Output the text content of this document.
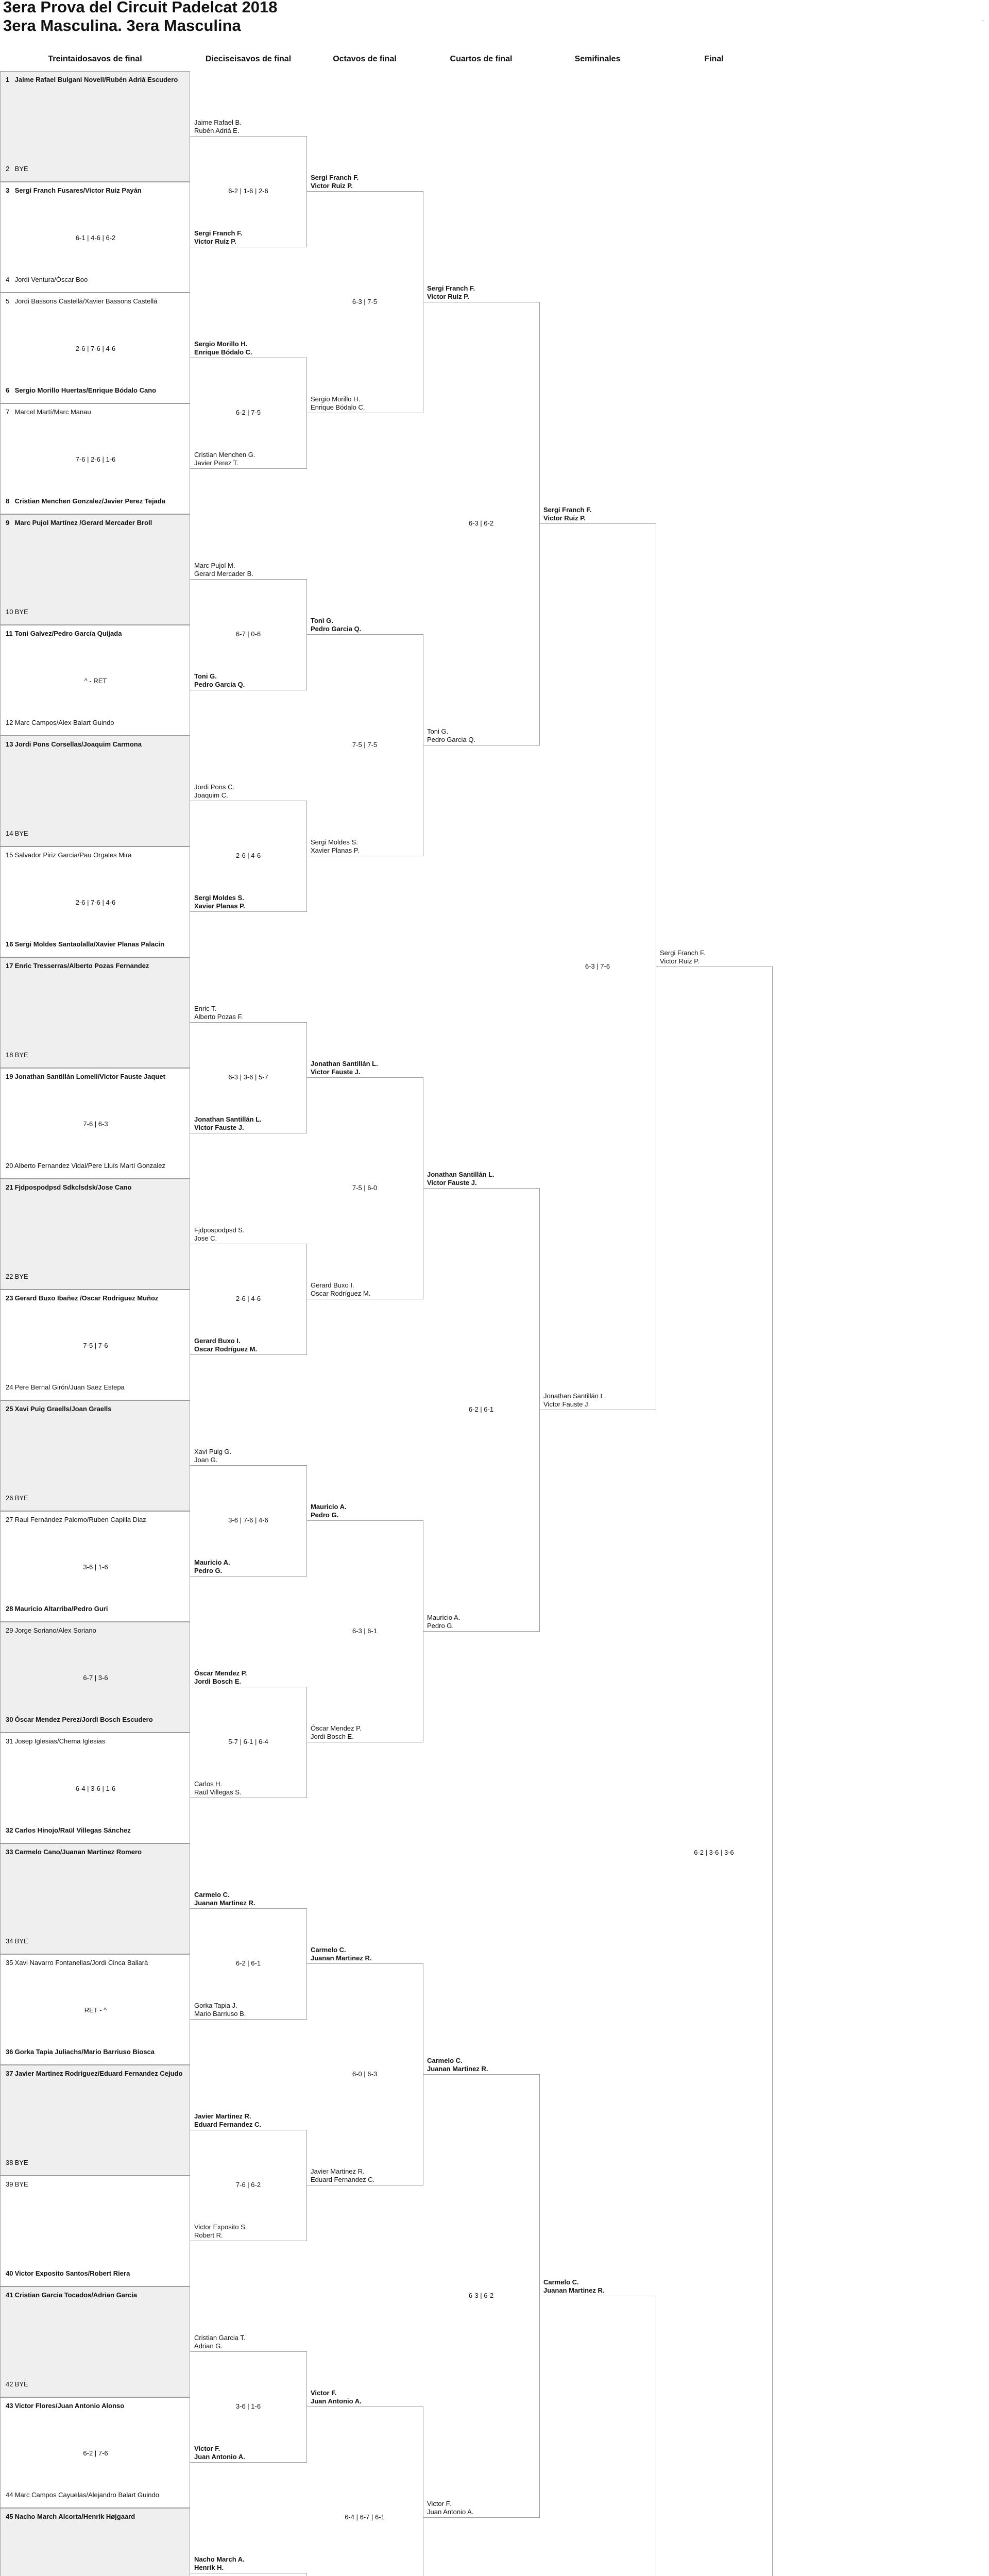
3era Prova del Circuit Padelcat 2018
3era Masculina. 3era Masculina	-
Treintaidosavos de final	Dieciseisavos de final	Octavos de final	Cuartos de final	Semifinales	Final
1 Jaime Rafael Bulgani Novell/Rubén Adriá Escudero
2 BYE
3 Sergi Franch Fusares/Victor Ruiz Payán
4 Jordi Ventura/Óscar Boo
6-1 | 4-6 | 6-2
5 Jordi Bassons Castellá/Xavier Bassons Castellá
6 Sergio Morillo Huertas/Enrique Bódalo Cano
2-6 | 7-6 | 4-6
7 Marcel Martí/Marc Manau
8 Cristian Menchen Gonzalez/Javier Perez Tejada
7-6 | 2-6 | 1-6
9 Marc Pujol Martínez /Gerard Mercader Broll
10 BYE
11 Toni Galvez/Pedro García Quijada
12 Marc Campos/Alex Balart Guindo
^ - RET
13 Jordi Pons Corsellas/Joaquim Carmona
14 BYE
15 Salvador Piriz Garcia/Pau Orgales Mira
16 Sergi Moldes Santaolalla/Xavier Planas Palacin
2-6 | 7-6 | 4-6
17 Enric Tresserras/Alberto Pozas Fernandez
18 BYE
19 Jonathan Santillán Lomeli/Victor Fauste Jaquet
20 Alberto Fernandez Vidal/Pere Lluís Martí Gonzalez
7-6 | 6-3
21 Fjdpospodpsd Sdkclsdsk/Jose Cano
22 BYE
23 Gerard Buxo Ibañez /Oscar Rodriguez Muñoz
24 Pere Bernal Girón/Juan Saez Estepa
7-5 | 7-6
25 Xavi Puig Graells/Joan Graells
26 BYE
27 Raul Fernández Palomo/Ruben Capilla Diaz
28 Mauricio Altarriba/Pedro Guri
3-6 | 1-6
29 Jorge Soriano/Alex Soriano
30 Óscar Mendez Perez/Jordi Bosch Escudero
6-7 | 3-6
31 Josep Iglesias/Chema Iglesias
32 Carlos Hinojo/Raül Villegas Sánchez
6-4 | 3-6 | 1-6
33 Carmelo Cano/Juanan Martinez Romero
34 BYE
35 Xavi Navarro Fontanellas/Jordi Cinca Ballarà
36 Gorka Tapia Juliachs/Mario Barriuso Biosca
RET - ^
37 Javier Martinez Rodriguez/Eduard Fernandez Cejudo
38 BYE
39 BYE
40 Victor Exposito Santos/Robert Riera
41 Cristian Garcia Tocados/Adrian Garcia
42 BYE
43 Victor Flores/Juan Antonio Alonso
44 Marc Campos Cayuelas/Alejandro Balart Guindo
6-2 | 7-6
45 Nacho March Alcorta/Henrik Højgaard
Jaime Rafael B.
Rubén Adriá E.
Sergi Franch F.
Victor Ruiz P.
6-2 | 1-6 | 2-6
Sergio Morillo H.
Enrique Bódalo C.
Cristian Menchen G.
Javier Perez T.
6-2 | 7-5
Marc Pujol M.
Gerard Mercader B.
Toni G.
Pedro Garcia Q.
6-7 | 0-6
Jordi Pons C.
Joaquim C.
Sergi Moldes S.
Xavier Planas P.
2-6 | 4-6
Enric T.
Alberto Pozas F.
Jonathan Santillán L.
Victor Fauste J.
6-3 | 3-6 | 5-7
Fjdpospodpsd S.
Jose C.
Gerard Buxo I.
Oscar Rodríguez M.
2-6 | 4-6
Xavi Puig G.
Joan G.
Mauricio A.
Pedro G.
3-6 | 7-6 | 4-6
Óscar Mendez P.
Jordi Bosch E.
Carlos H.
Raül Villegas S.
5-7 | 6-1 | 6-4
Carmelo C.
Juanan Martinez R.
Gorka Tapia J.
Mario Barriuso B.
6-2 | 6-1
Javier Martinez R.
Eduard Fernandez C.
Victor Exposito S.
Robert R.
7-6 | 6-2
Cristian Garcia T.
Adrian G.
Victor F.
Juan Antonio A.
3-6 | 1-6
Nacho March A.
Henrik H.
Sergi Franch F.
Victor Ruiz P.
Sergio Morillo H.
Enrique Bódalo C.
6-3 | 7-5
Toni G.
Pedro Garcia Q.
Sergi Moldes S.
Xavier Planas P.
7-5 | 7-5
Jonathan Santillán L.
Victor Fauste J.
Gerard Buxo I.
Oscar Rodríguez M.
7-5 | 6-0
Mauricio A.
Pedro G.
Óscar Mendez P.
Jordi Bosch E.
6-3 | 6-1
Carmelo C.
Juanan Martinez R.
Javier Martinez R.
Eduard Fernandez C.
6-0 | 6-3
Victor F.
Juan Antonio A.
6-4 | 6-7 | 6-1
Sergi Franch F.
Victor Ruiz P.
Toni G.
Pedro Garcia Q.
6-3 | 6-2
Jonathan Santillán L.
Victor Fauste J.
Mauricio A.
Pedro G.
6-2 | 6-1
Carmelo C.
Juanan Martinez R.
Victor F.
Juan Antonio A.
6-3 | 6-2
Sergi Franch F.
Victor Ruiz P.
Jonathan Santillán L.
Victor Fauste J.
6-3 | 7-6
Carmelo C.
Juanan Martinez R.
Sergi Franch F.
Victor Ruiz P.
6-2 | 3-6 | 3-6
